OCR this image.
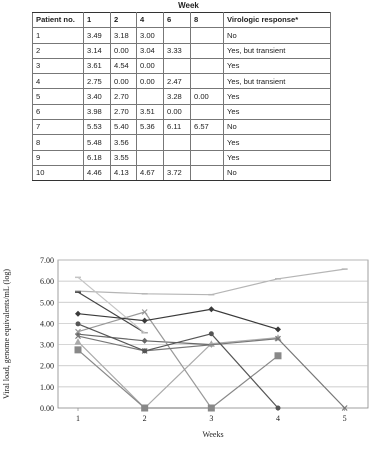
Week
Patient no.	1	2	4	6	8	Virologic response*
1	3.49	3.18	3.00			No
2	3.14	0.00	3.04	3.33		Yes, but transient
3	3.61	4.54	0.00			Yes
4	2.75	0.00	0.00	2.47		Yes, but transient
5	3.40	2.70		3.28	0.00	Yes
6	3.98	2.70	3.51	0.00		Yes
7	5.53	5.40	5.36	6.11	6.57	No
8	5.48	3.56				Yes
9	6.18	3.55				Yes
10	4.46	4.13	4.67	3.72		No
0.00
1.00
2.00
3.00
4.00
5.00
6.00
7.00
1	2	3	4	5
Weeks
Viral load, genome equivalents/mL (log)
